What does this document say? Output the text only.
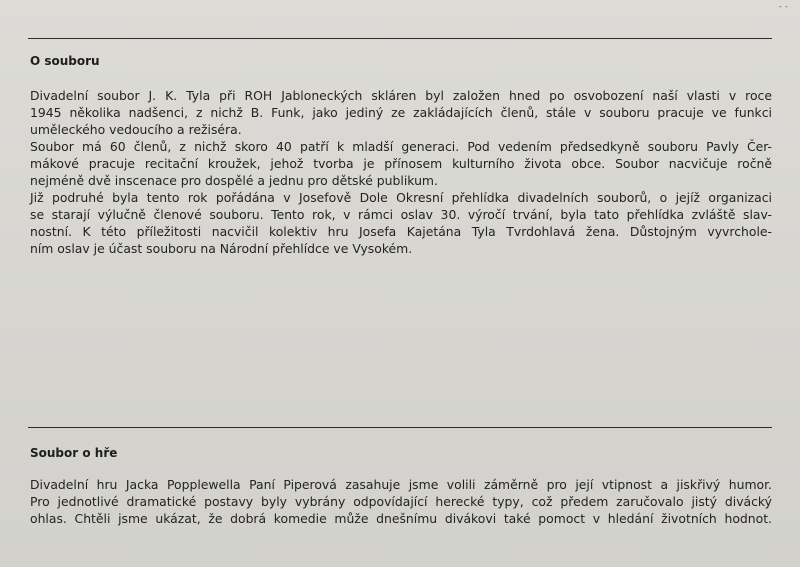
- -
O souboru
Divadelní soubor J. K. Tyla při ROH Jabloneckých skláren byl založen hned po osvobození naší vlasti v roce
1945 několika nadšenci, z nichž B. Funk, jako jediný ze zakládajících členů, stále v souboru pracuje ve funkci
uměleckého vedoucího a režiséra.
Soubor má 60 členů, z nichž skoro 40 patří k mladší generaci. Pod vedením předsedkyně souboru Pavly Čer-
mákové pracuje recitační kroužek, jehož tvorba je přínosem kulturního života obce. Soubor nacvičuje ročně
nejméně dvě inscenace pro dospělé a jednu pro dětské publikum.
Již podruhé byla tento rok pořádána v Josefově Dole Okresní přehlídka divadelních souborů, o jejíž organizaci
se starají výlučně členové souboru. Tento rok, v rámci oslav 30. výročí trvání, byla tato přehlídka zvláště slav-
nostní. K této příležitosti nacvičil kolektiv hru Josefa Kajetána Tyla Tvrdohlavá žena. Důstojným vyvrchole-
ním oslav je účast souboru na Národní přehlídce ve Vysokém.
Soubor o hře
Divadelní hru Jacka Popplewella Paní Piperová zasahuje jsme volili záměrně pro její vtipnost a jiskřivý humor.
Pro jednotlivé dramatické postavy byly vybrány odpovídající herecké typy, což předem zaručovalo jistý divácký
ohlas. Chtěli jsme ukázat, že dobrá komedie může dnešnímu divákovi také pomoct v hledání životních hodnot.
